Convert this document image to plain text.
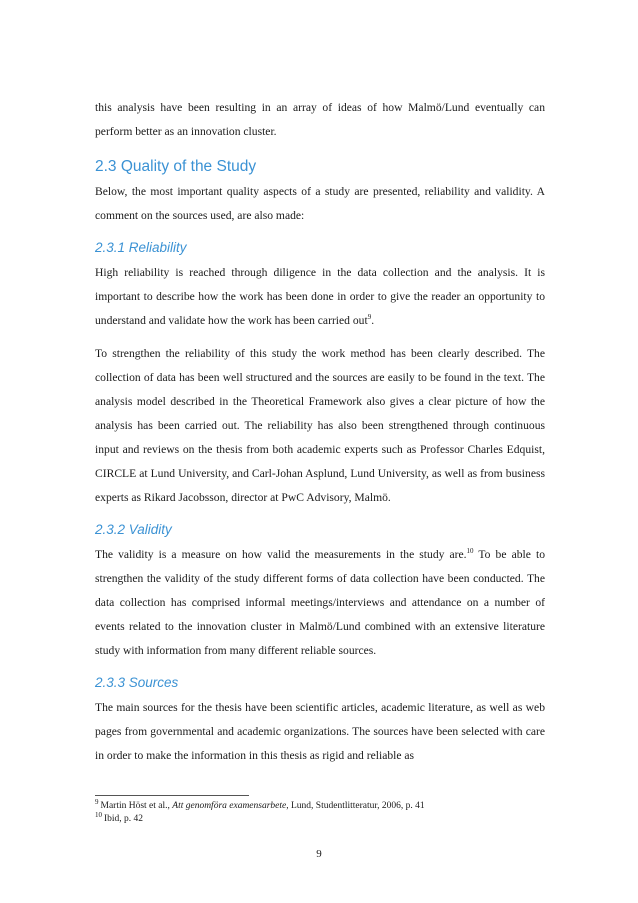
this analysis have been resulting in an array of ideas of how Malmö/Lund eventually can perform better as an innovation cluster.

2.3 Quality of the Study

Below, the most important quality aspects of a study are presented, reliability and validity. A comment on the sources used, are also made:

2.3.1 Reliability

High reliability is reached through diligence in the data collection and the analysis. It is important to describe how the work has been done in order to give the reader an opportunity to understand and validate how the work has been carried out$^9$.

To strengthen the reliability of this study the work method has been clearly described. The collection of data has been well structured and the sources are easily to be found in the text. The analysis model described in the Theoretical Framework also gives a clear picture of how the analysis has been carried out. The reliability has also been strengthened through continuous input and reviews on the thesis from both academic experts such as Professor Charles Edquist, CIRCLE at Lund University, and Carl-Johan Asplund, Lund University, as well as from business experts as Rikard Jacobsson, director at PwC Advisory, Malmö.

2.3.2 Validity

The validity is a measure on how valid the measurements in the study are.$^{10}$ To be able to strengthen the validity of the study different forms of data collection have been conducted. The data collection has comprised informal meetings/interviews and attendance on a number of events related to the innovation cluster in Malmö/Lund combined with an extensive literature study with information from many different reliable sources.

2.3.3 Sources

The main sources for the thesis have been scientific articles, academic literature, as well as web pages from governmental and academic organizations. The sources have been selected with care in order to make the information in this thesis as rigid and reliable as

$^9$ Martin Höst et al., Att genomföra examensarbete, Lund, Studentlitteratur, 2006, p. 41
$^{10}$ Ibid, p. 42
9
